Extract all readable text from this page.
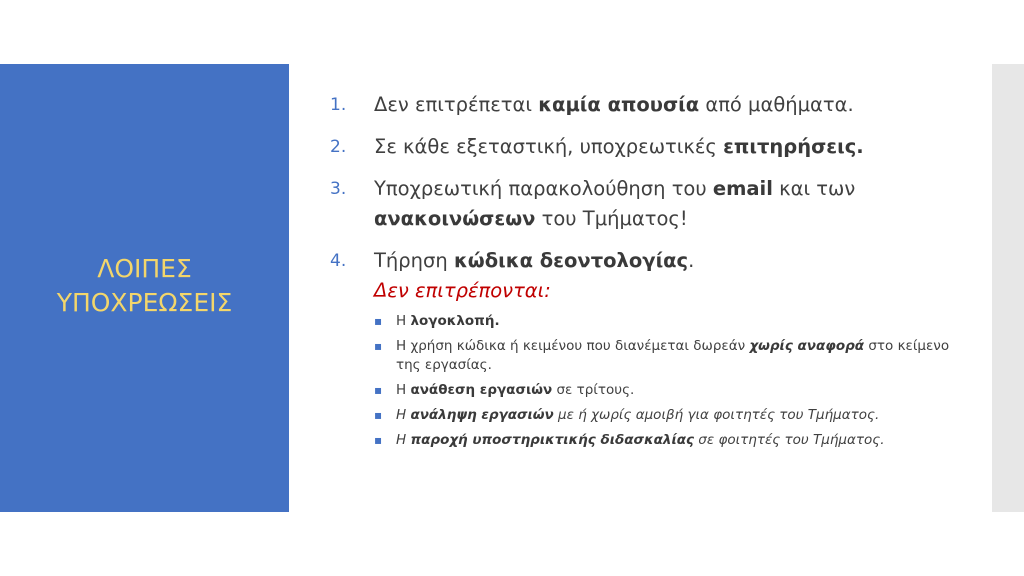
ΛΟΙΠΕΣ
ΥΠΟΧΡΕΩΣΕΙΣ
1. Δεν επιτρέπεται καμία απουσία από μαθήματα.
2. Σε κάθε εξεταστική, υποχρεωτικές επιτηρήσεις.
3. Υποχρεωτική παρακολούθηση του email και των
ανακοινώσεων του Τμήματος!
4. Τήρηση κώδικα δεοντολογίας.
Δεν επιτρέπονται:
▪ Η λογοκλοπή.
▪ Η χρήση κώδικα ή κειμένου που διανέμεται δωρεάν χωρίς αναφορά στο κείμενο της εργασίας.
▪ Η ανάθεση εργασιών σε τρίτους.
▪ Η ανάληψη εργασιών με ή χωρίς αμοιβή για φοιτητές του Τμήματος.
▪ Η παροχή υποστηρικτικής διδασκαλίας σε φοιτητές του Τμήματος.
